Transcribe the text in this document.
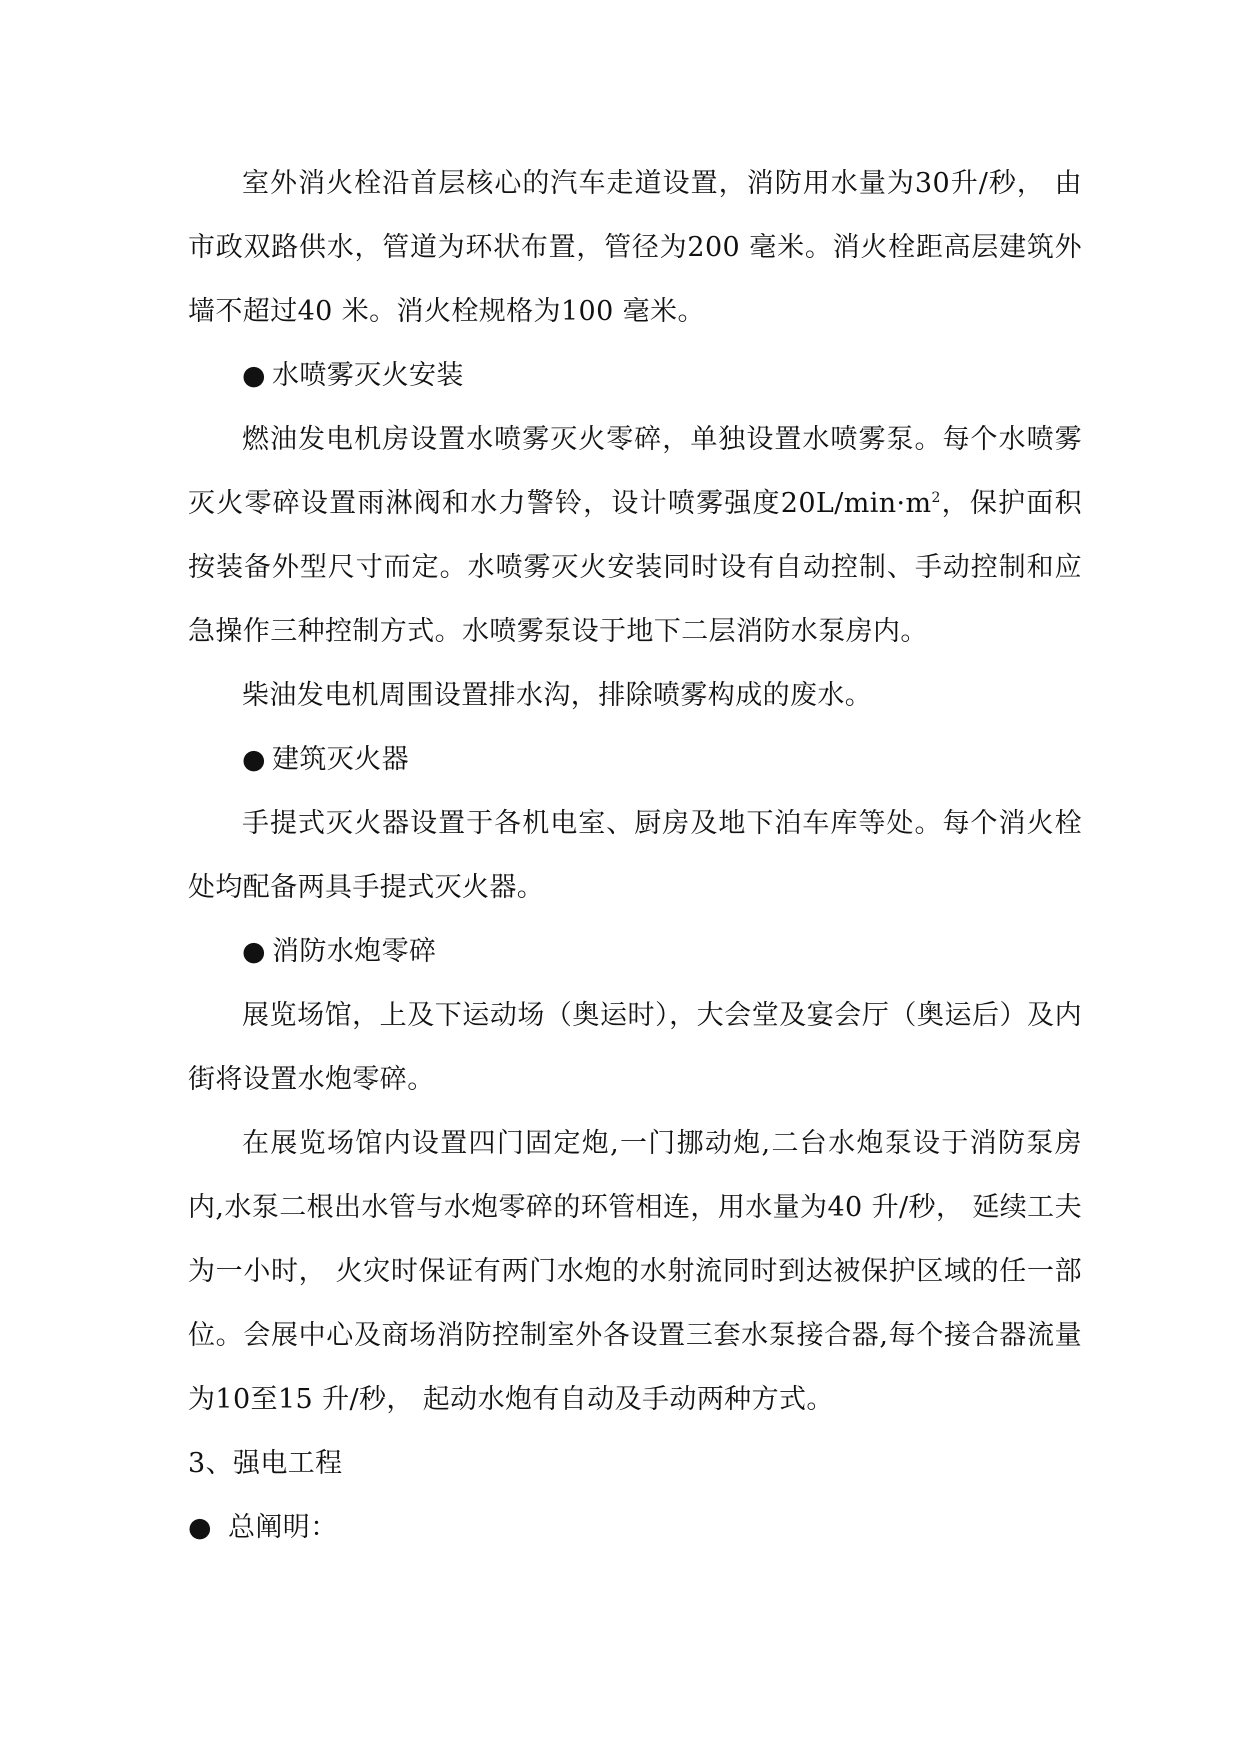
室外消火栓沿首层核心的汽车走道设置，消防用水量为30升/秒， 由市政双路供水，管道为环状布置，管径为200 毫米。消火栓距高层建筑外墙不超过40 米。消火栓规格为100 毫米。

● 水喷雾灭火安装

燃油发电机房设置水喷雾灭火零碎，单独设置水喷雾泵。每个水喷雾灭火零碎设置雨淋阀和水力警铃，设计喷雾强度$20L/\min\cdot m^2$，保护面积按装备外型尺寸而定。水喷雾灭火安装同时设有自动控制、手动控制和应急操作三种控制方式。水喷雾泵设于地下二层消防水泵房内。

柴油发电机周围设置排水沟，排除喷雾构成的废水。

● 建筑灭火器

手提式灭火器设置于各机电室、厨房及地下泊车库等处。每个消火栓处均配备两具手提式灭火器。

● 消防水炮零碎

展览场馆，上及下运动场（奥运时），大会堂及宴会厅（奥运后）及内街将设置水炮零碎。

在展览场馆内设置四门固定炮,一门挪动炮,二台水炮泵设于消防泵房内,水泵二根出水管与水炮零碎的环管相连，用水量为40 升/秒， 延续工夫为一小时， 火灾时保证有两门水炮的水射流同时到达被保护区域的任一部位。会展中心及商场消防控制室外各设置三套水泵接合器,每个接合器流量为10至15 升/秒， 起动水炮有自动及手动两种方式。

3、强电工程

● 总阐明：
